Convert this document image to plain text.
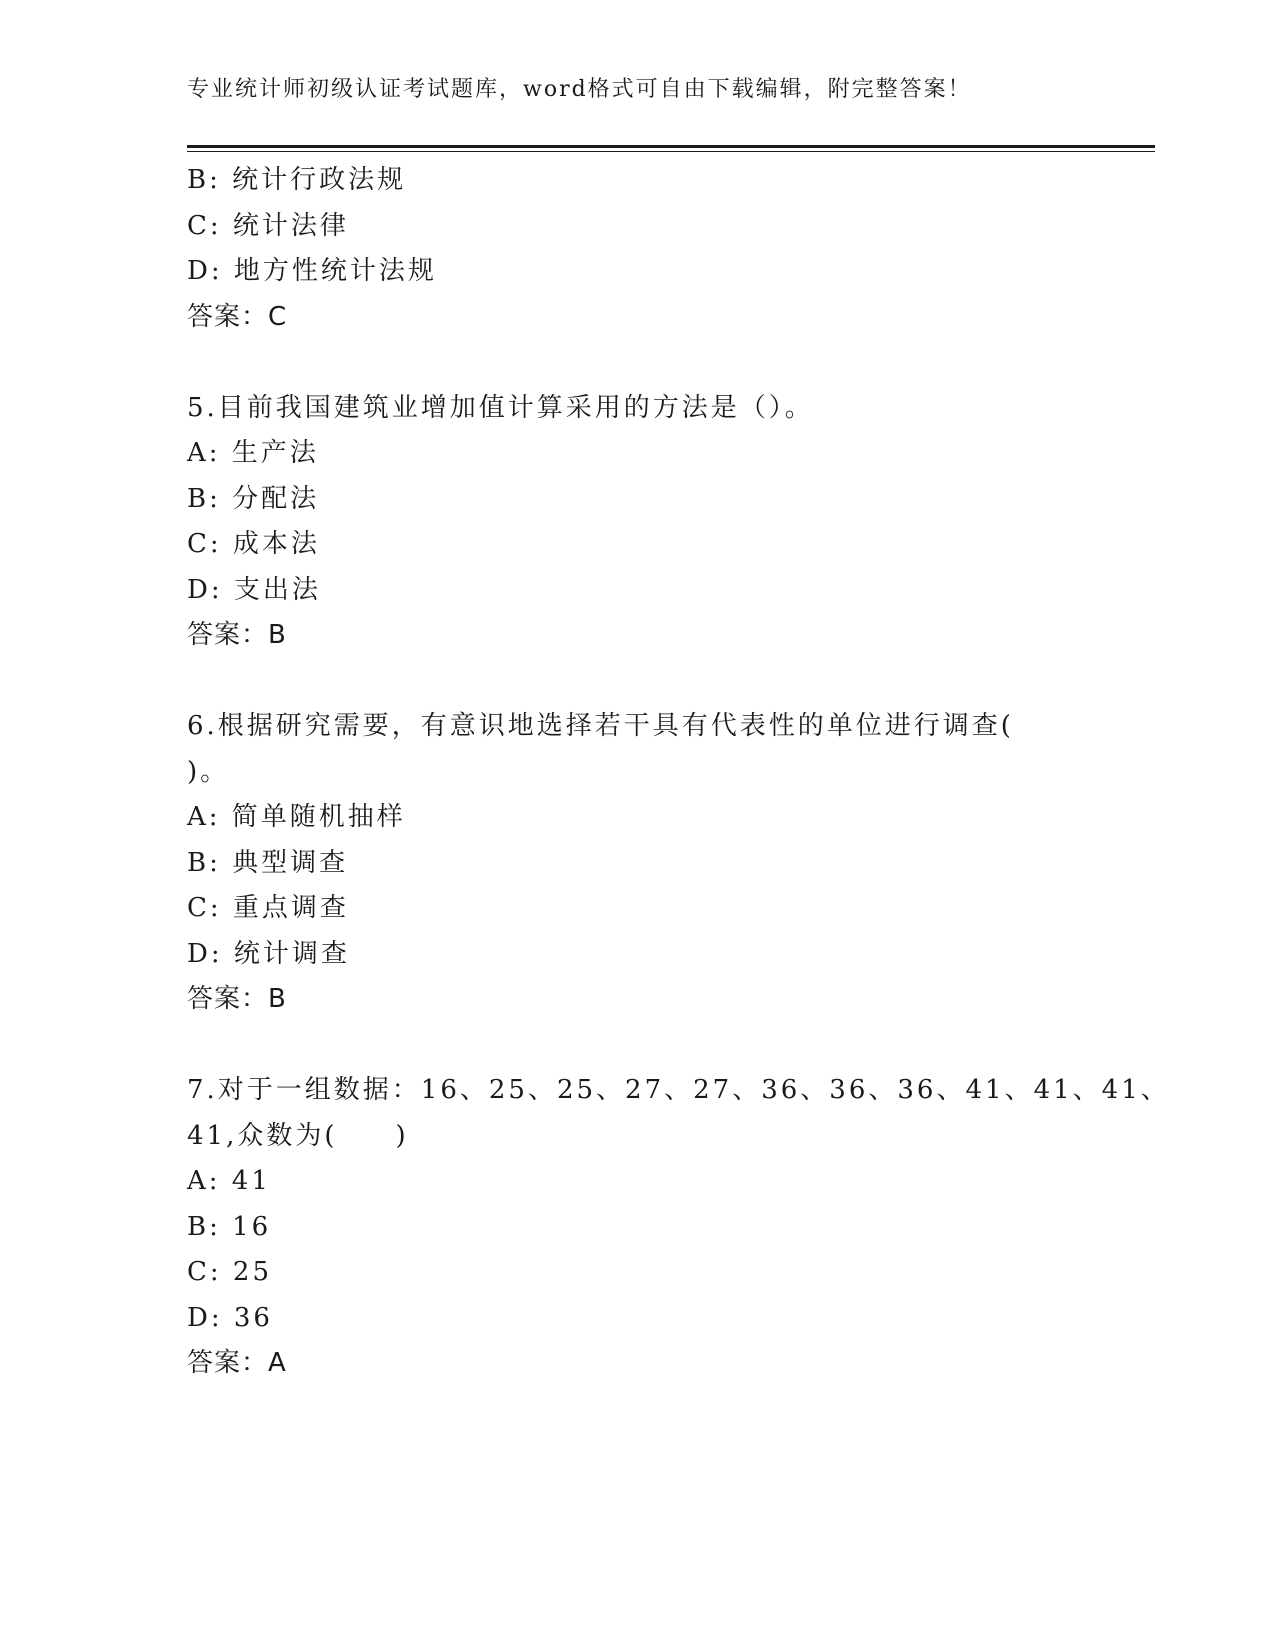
专业统计师初级认证考试题库，word格式可自由下载编辑，附完整答案！
B: 统计行政法规
C: 统计法律
D: 地方性统计法规
答案：C
5.目前我国建筑业增加值计算采用的方法是（）。
A: 生产法
B: 分配法
C: 成本法
D: 支出法
答案：B
6.根据研究需要，有意识地选择若干具有代表性的单位进行调查(
)。
A: 简单随机抽样
B: 典型调查
C: 重点调查
D: 统计调查
答案：B
7.对于一组数据：16、25、25、27、27、36、36、36、41、41、41、
41,众数为(　　)
A: 41
B: 16
C: 25
D: 36
答案：A
